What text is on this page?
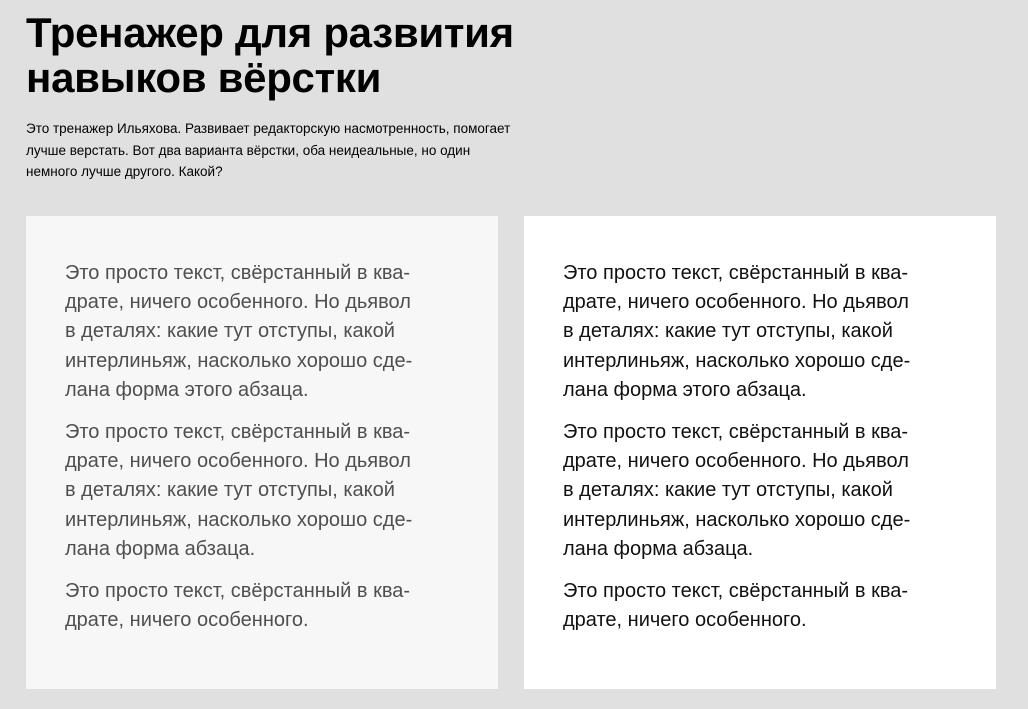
Тренажер для развития
навыков вёрстки

Это тренажер Ильяхова. Развивает редакторскую насмотренность, помогает
лучше верстать. Вот два варианта вёрстки, оба неидеальные, но один
немного лучше другого. Какой?

Это просто текст, свёрстанный в ква-
драте, ничего особенного. Но дьявол
в деталях: какие тут отступы, какой
интерлиньяж, насколько хорошо сде-
лана форма этого абзаца.

Это просто текст, свёрстанный в ква-
драте, ничего особенного. Но дьявол
в деталях: какие тут отступы, какой
интерлиньяж, насколько хорошо сде-
лана форма абзаца.

Это просто текст, свёрстанный в ква-
драте, ничего особенного.

Это просто текст, свёрстанный в ква-
драте, ничего особенного. Но дьявол
в деталях: какие тут отступы, какой
интерлиньяж, насколько хорошо сде-
лана форма этого абзаца.

Это просто текст, свёрстанный в ква-
драте, ничего особенного. Но дьявол
в деталях: какие тут отступы, какой
интерлиньяж, насколько хорошо сде-
лана форма абзаца.

Это просто текст, свёрстанный в ква-
драте, ничего особенного.
